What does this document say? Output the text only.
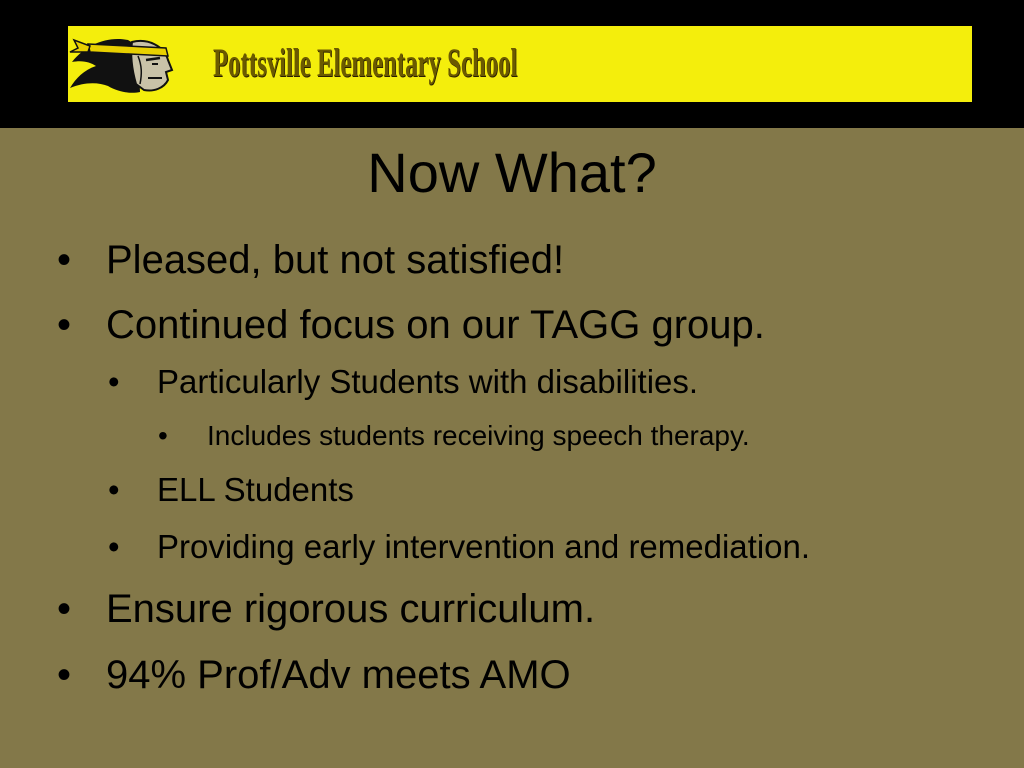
Pottsville Elementary School
Now What?
• Pleased, but not satisfied!
• Continued focus on our TAGG group.
• Particularly Students with disabilities.
• Includes students receiving speech therapy.
• ELL Students
• Providing early intervention and remediation.
• Ensure rigorous curriculum.
• 94% Prof/Adv meets AMO
